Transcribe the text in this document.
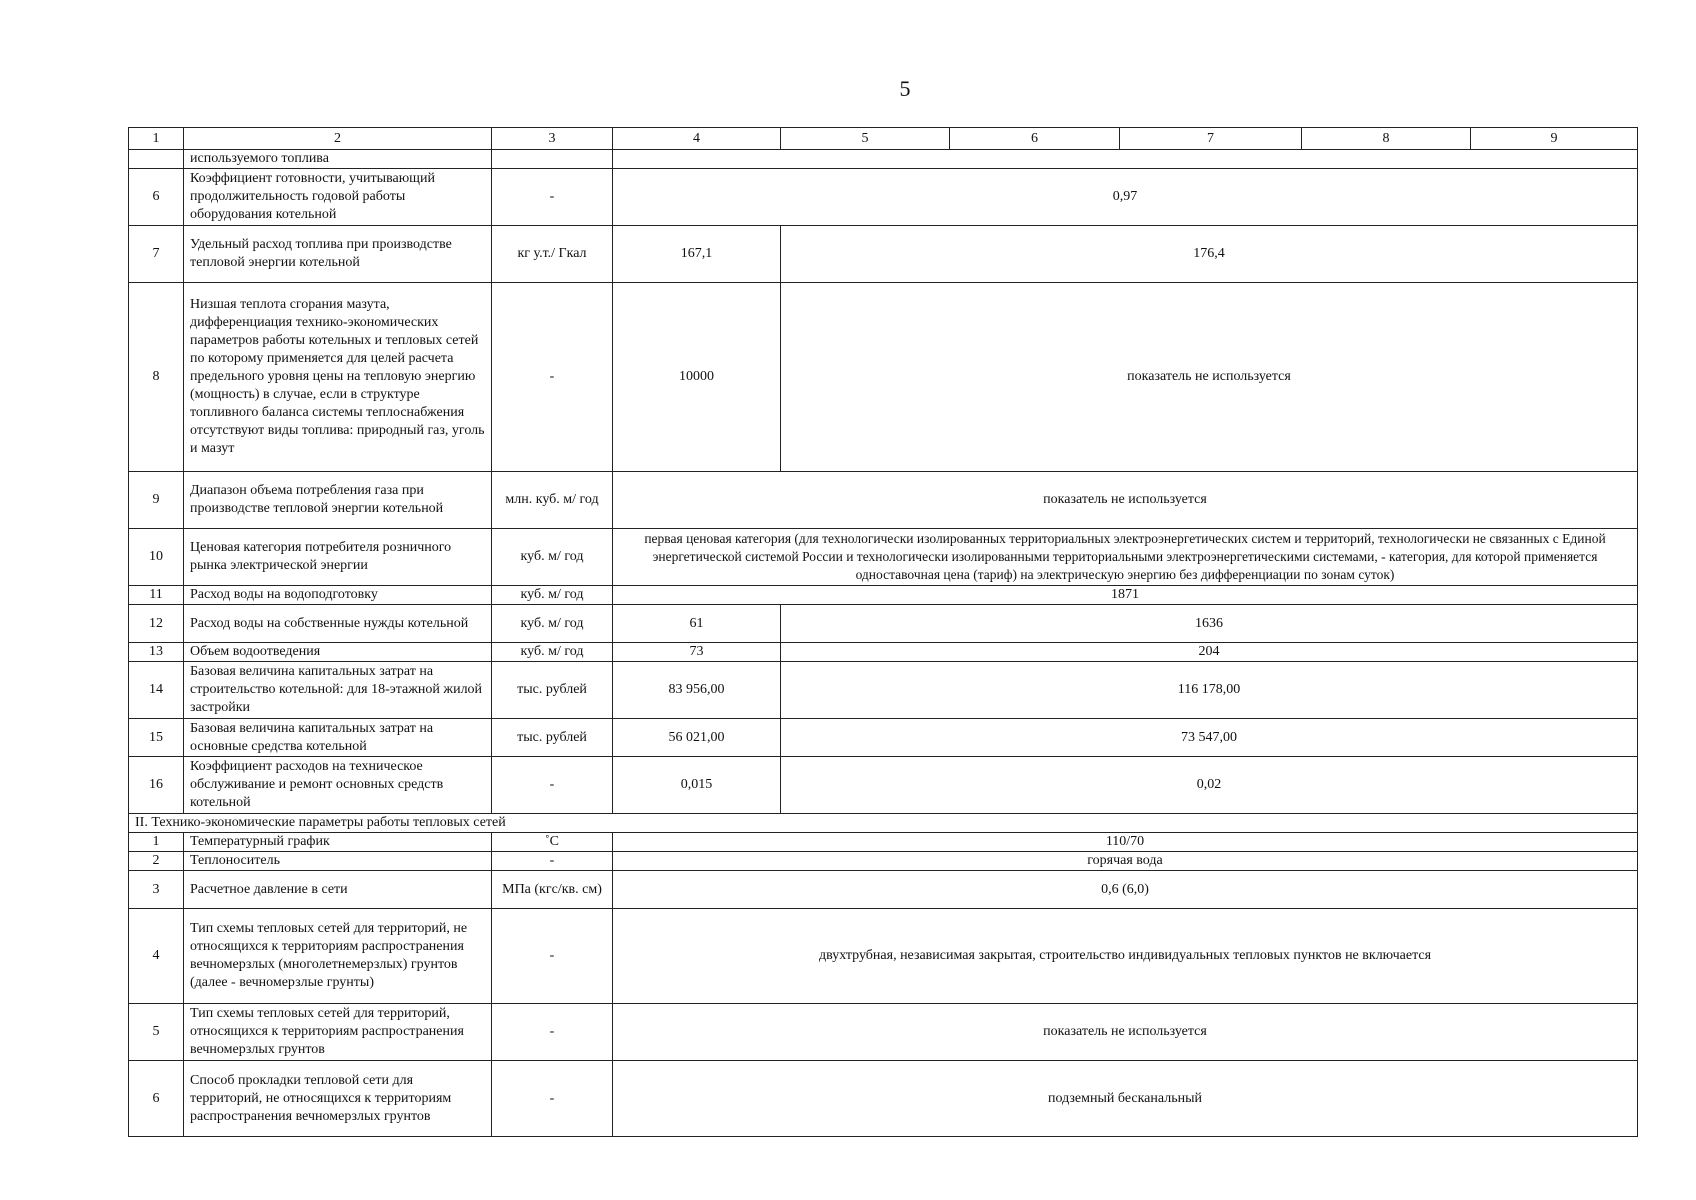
5
1	2	3	4	5	6	7	8	9
	используемого топлива							
6	Коэффициент готовности, учитывающий продолжительность годовой работы оборудования котельной	-	0,97					
7	Удельный расход топлива при производстве тепловой энергии котельной	кг у.т./ Гкал	167,1	176,4				
8	Низшая теплота сгорания мазута, дифференциация технико-экономических параметров работы котельных и тепловых сетей по которому применяется для целей расчета предельного уровня цены на тепловую энергию (мощность) в случае, если в структуре топливного баланса системы теплоснабжения отсутствуют виды топлива: природный газ, уголь и мазут	-	10000	показатель не используется				
9	Диапазон объема потребления газа при производстве тепловой энергии котельной	млн. куб. м/ год	показатель не используется					
10	Ценовая категория потребителя розничного рынка электрической энергии	куб. м/ год	первая ценовая категория (для технологически изолированных территориальных электроэнергетических систем и территорий, технологически не связанных с Единой энергетической системой России и технологически изолированными территориальными электроэнергетическими системами, - категория, для которой применяется одноставочная цена (тариф) на электрическую энергию без дифференциации по зонам суток)					
11	Расход воды на водоподготовку	куб. м/ год	1871					
12	Расход воды на собственные нужды котельной	куб. м/ год	61	1636				
13	Объем водоотведения	куб. м/ год	73	204				
14	Базовая величина капитальных затрат на строительство котельной: для 18-этажной жилой застройки	тыс. рублей	83 956,00	116 178,00				
15	Базовая величина капитальных затрат на основные средства котельной	тыс. рублей	56 021,00	73 547,00				
16	Коэффициент расходов на техническое обслуживание и ремонт основных средств котельной	-	0,015	0,02				
II. Технико-экономические параметры работы тепловых сетей								
1	Температурный график	˚С	110/70					
2	Теплоноситель	-	горячая вода					
3	Расчетное давление в сети	МПа (кгс/кв. см)	0,6 (6,0)					
4	Тип схемы тепловых сетей для территорий, не относящихся к территориям распространения вечномерзлых (многолетнемерзлых) грунтов (далее - вечномерзлые грунты)	-	двухтрубная, независимая закрытая, строительство индивидуальных тепловых пунктов не включается					
5	Тип схемы тепловых сетей для территорий, относящихся к территориям распространения вечномерзлых грунтов	-	показатель не используется					
6	Способ прокладки тепловой сети для территорий, не относящихся к территориям распространения вечномерзлых грунтов	-	подземный бесканальный					
